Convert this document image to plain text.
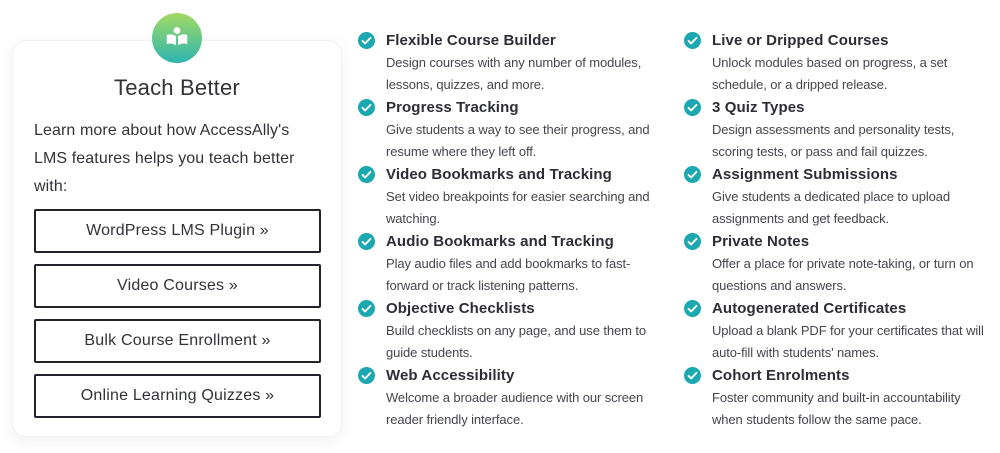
Teach Better

Learn more about how AccessAlly's LMS features helps you teach better with:

WordPress LMS Plugin »
Video Courses »
Bulk Course Enrollment »
Online Learning Quizzes »
Flexible Course Builder
Design courses with any number of modules, lessons, quizzes, and more.
Progress Tracking
Give students a way to see their progress, and resume where they left off.
Video Bookmarks and Tracking
Set video breakpoints for easier searching and watching.
Audio Bookmarks and Tracking
Play audio files and add bookmarks to fast-forward or track listening patterns.
Objective Checklists
Build checklists on any page, and use them to guide students.
Web Accessibility
Welcome a broader audience with our screen reader friendly interface.
Live or Dripped Courses
Unlock modules based on progress, a set schedule, or a dripped release.
3 Quiz Types
Design assessments and personality tests, scoring tests, or pass and fail quizzes.
Assignment Submissions
Give students a dedicated place to upload assignments and get feedback.
Private Notes
Offer a place for private note-taking, or turn on questions and answers.
Autogenerated Certificates
Upload a blank PDF for your certificates that will auto-fill with students' names.
Cohort Enrolments
Foster community and built-in accountability when students follow the same pace.
